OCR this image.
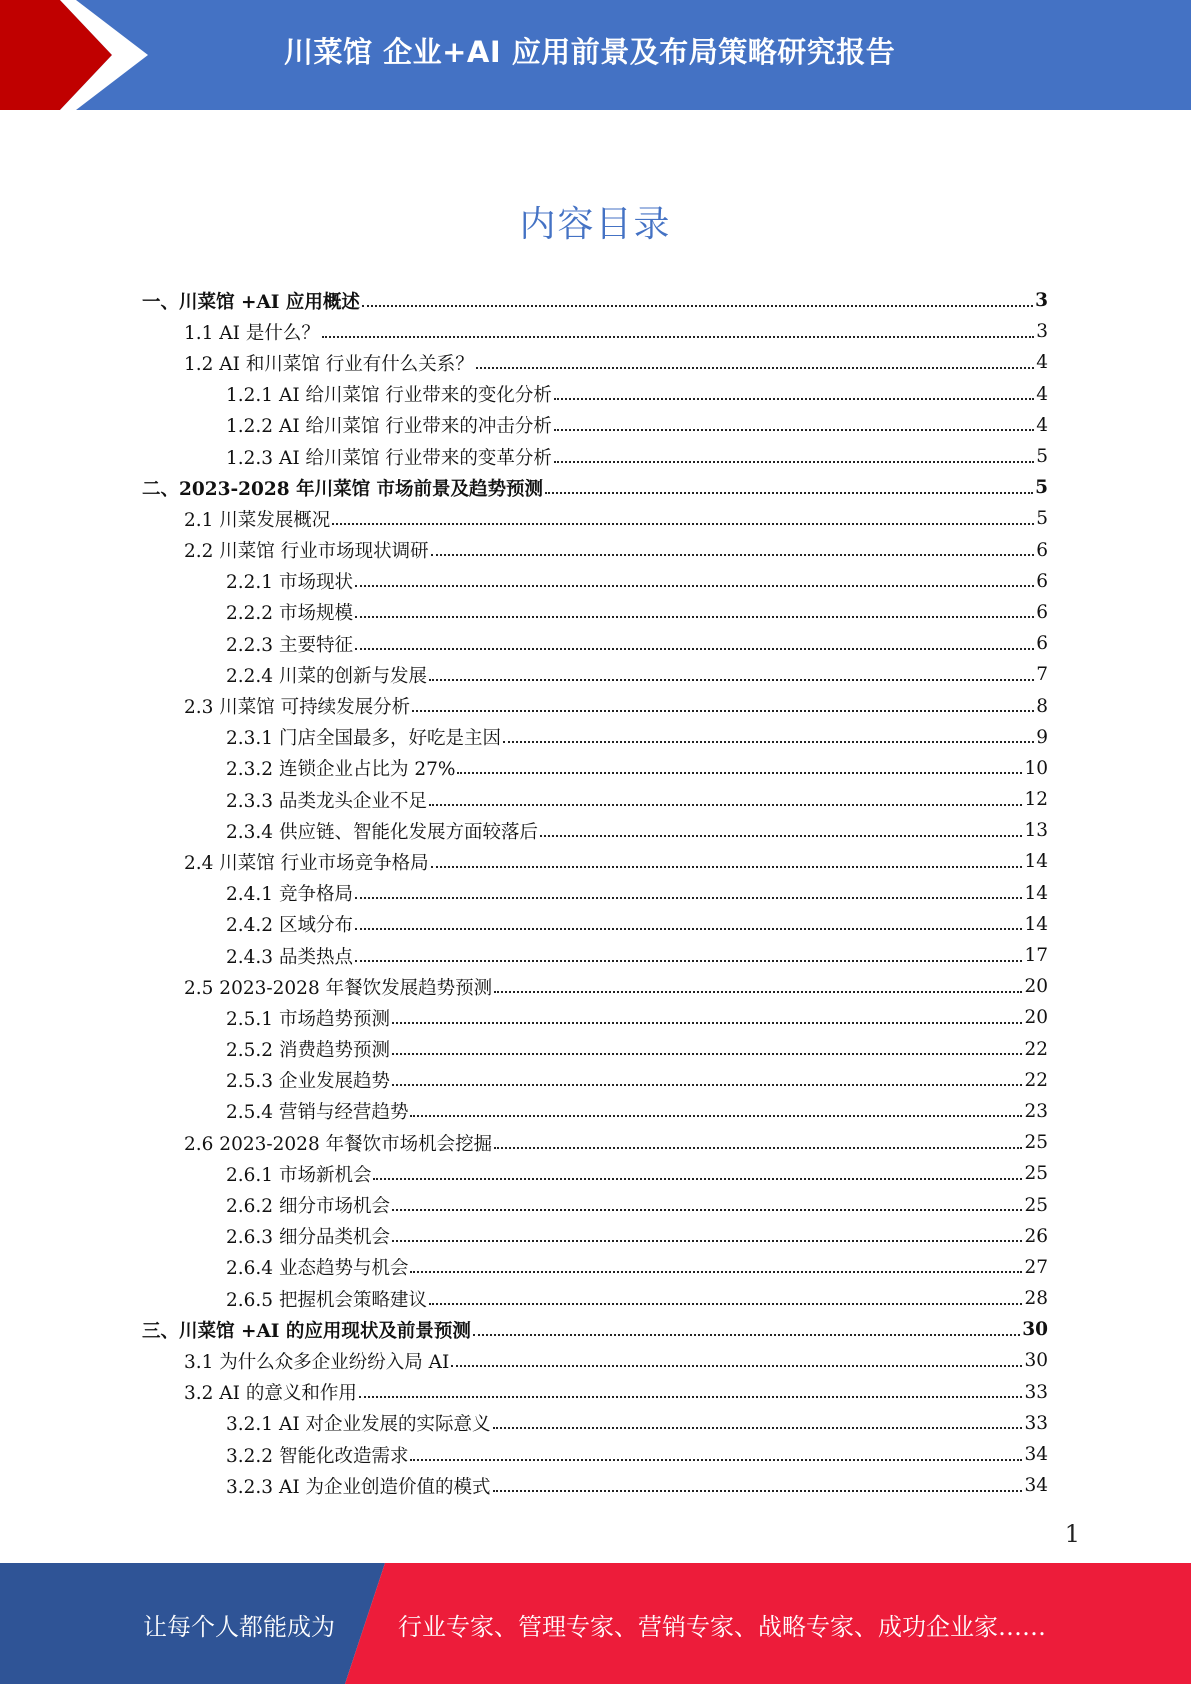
川菜馆 企业+AI 应用前景及布局策略研究报告
内容目录
一、川菜馆 +AI 应用概述	3
1.1 AI 是什么？	3
1.2 AI 和川菜馆 行业有什么关系？	4
1.2.1 AI 给川菜馆 行业带来的变化分析	4
1.2.2 AI 给川菜馆 行业带来的冲击分析	4
1.2.3 AI 给川菜馆 行业带来的变革分析	5
二、2023-2028 年川菜馆 市场前景及趋势预测	5
2.1 川菜发展概况	5
2.2 川菜馆 行业市场现状调研	6
2.2.1 市场现状	6
2.2.2 市场规模	6
2.2.3 主要特征	6
2.2.4 川菜的创新与发展	7
2.3 川菜馆 可持续发展分析	8
2.3.1 门店全国最多，好吃是主因	9
2.3.2 连锁企业占比为 27%	10
2.3.3 品类龙头企业不足	12
2.3.4 供应链、智能化发展方面较落后	13
2.4 川菜馆 行业市场竞争格局	14
2.4.1 竞争格局	14
2.4.2 区域分布	14
2.4.3 品类热点	17
2.5 2023-2028 年餐饮发展趋势预测	20
2.5.1 市场趋势预测	20
2.5.2 消费趋势预测	22
2.5.3 企业发展趋势	22
2.5.4 营销与经营趋势	23
2.6 2023-2028 年餐饮市场机会挖掘	25
2.6.1 市场新机会	25
2.6.2 细分市场机会	25
2.6.3 细分品类机会	26
2.6.4 业态趋势与机会	27
2.6.5 把握机会策略建议	28
三、川菜馆 +AI 的应用现状及前景预测	30
3.1 为什么众多企业纷纷入局 AI	30
3.2 AI 的意义和作用	33
3.2.1 AI 对企业发展的实际意义	33
3.2.2 智能化改造需求	34
3.2.3 AI 为企业创造价值的模式	34
1
让每个人都能成为	行业专家、管理专家、营销专家、战略专家、成功企业家……
